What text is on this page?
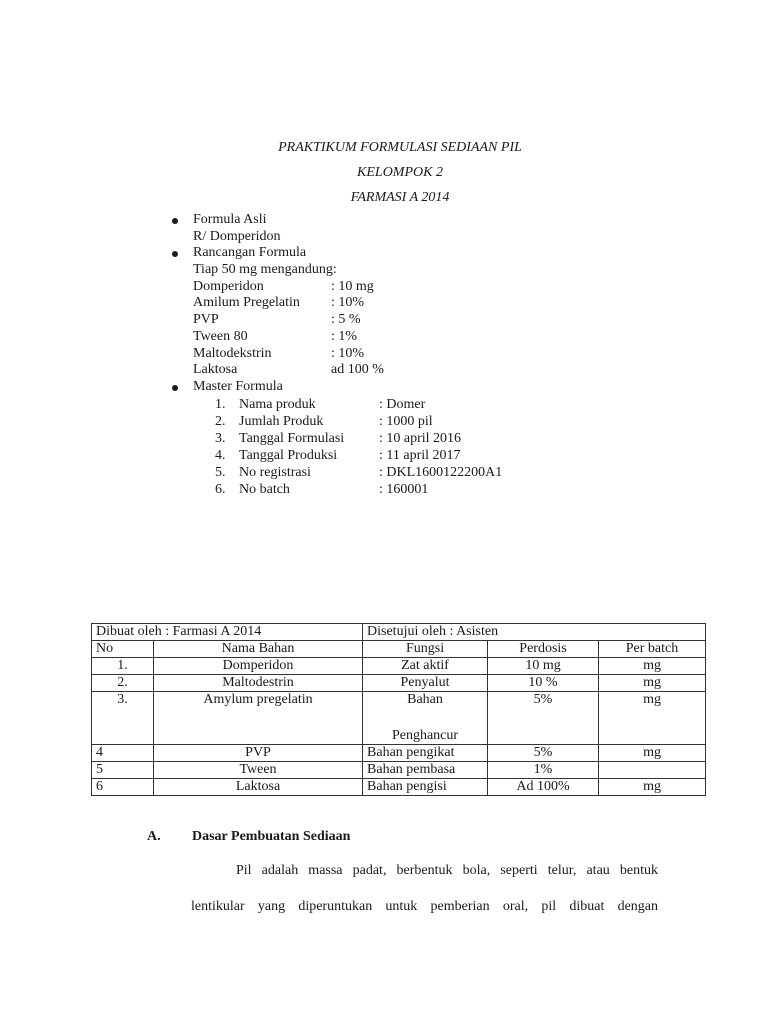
PRAKTIKUM FORMULASI SEDIAAN PIL
KELOMPOK 2
FARMASI A 2014
Formula Asli
R/ Domperidon
Rancangan Formula
Tiap 50 mg mengandung:
Domperidon	: 10 mg
Amilum Pregelatin	: 10%
PVP	: 5 %
Tween 80	: 1%
Maltodekstrin	: 10%
Laktosa	ad 100 %
Master Formula
1. Nama produk	: Domer
2. Jumlah Produk	: 1000 pil
3. Tanggal Formulasi	: 10 april 2016
4. Tanggal Produksi	: 11 april 2017
5. No registrasi	: DKL1600122200A1
6. No batch	: 160001
Dibuat oleh : Farmasi A 2014		Disetujui oleh : Asisten		
No	Nama Bahan	Fungsi	Perdosis	Per batch
1.	Domperidon	Zat aktif	10 mg	mg
2.	Maltodestrin	Penyalut	10 %	mg
3.	Amylum pregelatin	Bahan
Penghancur	5%	mg
4	PVP	Bahan pengikat	5%	mg
5	Tween	Bahan pembasa	1%	
6	Laktosa	Bahan pengisi	Ad 100%	mg
A. Dasar Pembuatan Sediaan
Pil adalah massa padat, berbentuk bola, seperti telur, atau bentuk
lentikular yang diperuntukan untuk pemberian oral, pil dibuat dengan
